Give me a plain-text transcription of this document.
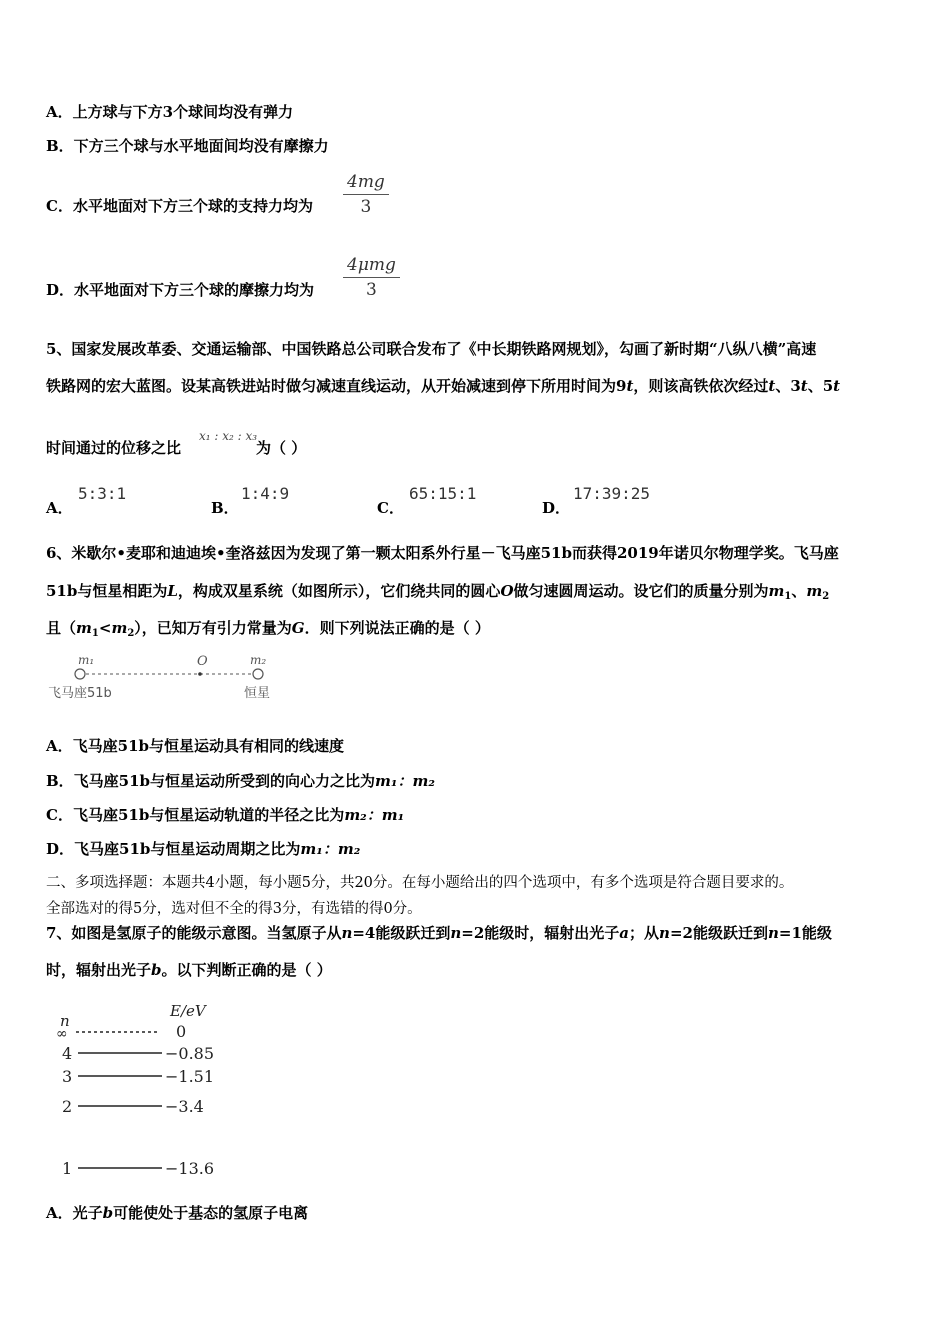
A．上方球与下方3个球间均没有弹力
B．下方三个球与水平地面间均没有摩擦力
C．水平地面对下方三个球的支持力均为 $\frac{4mg}{3}$
D．水平地面对下方三个球的摩擦力均为
4μmg
3
5、国家发展改革委、交通运输部、中国铁路总公司联合发布了《中长期铁路网规划》，勾画了新时期“八纵八横”高速
铁路网的宏大蓝图。设某高铁进站时做匀减速直线运动，从开始减速到停下所用时间为9t，则该高铁依次经过t、3t、5t
时间通过的位移之比	为（ ）
x₁ : x₂ : x₃
A．
5:3:1
B．
1:4:9
C．
65:15:1
D．
17:39:25
6、米歇尔•麦耶和迪迪埃•奎洛兹因为发现了第一颗太阳系外行星－飞马座51b而获得2019年诺贝尔物理学奖。飞马座
51b与恒星相距为L，构成双星系统（如图所示），它们绕共同的圆心O做匀速圆周运动。设它们的质量分别为$m_1$、$m_2$
且$(m_1<m_2)$，已知万有引力常量为G．则下列说法正确的是（ ）
m₁	O	m₂
飞马座51b	恒星
A．飞马座51b与恒星运动具有相同的线速度
B．飞马座51b与恒星运动所受到的向心力之比为m₁：m₂
C．飞马座51b与恒星运动轨道的半径之比为m₂：m₁
D．飞马座51b与恒星运动周期之比为m₁：m₂
二、多项选择题：本题共4小题，每小题5分，共20分。在每小题给出的四个选项中，有多个选项是符合题目要求的。
全部选对的得5分，选对但不全的得3分，有选错的得0分。
7、如图是氢原子的能级示意图。当氢原子从n=4能级跃迁到n=2能级时，辐射出光子a；从n=2能级跃迁到n=1能级
时，辐射出光子b。以下判断正确的是（ ）
n
E/eV
∞	0
4	−0.85
3	−1.51
2	−3.4
1	−13.6
A．光子b可能使处于基态的氢原子电离
